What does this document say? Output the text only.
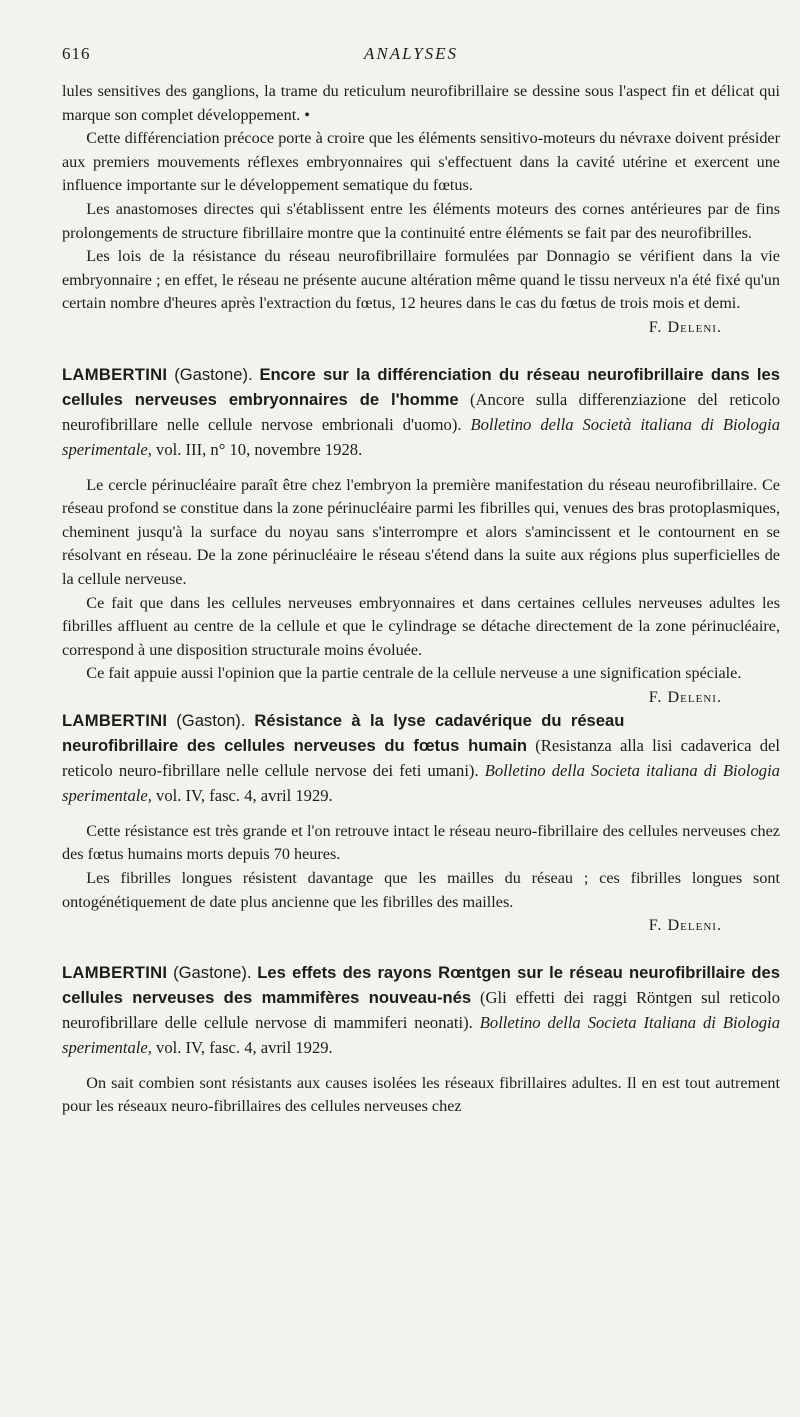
616	ANALYSES

lules sensitives des ganglions, la trame du reticulum neurofibrillaire se dessine sous l'aspect fin et délicat qui marque son complet développement. •

Cette différenciation précoce porte à croire que les éléments sensitivo-moteurs du névraxe doivent présider aux premiers mouvements réflexes embryonnaires qui s'effectuent dans la cavité utérine et exercent une influence importante sur le développement sematique du fœtus.

Les anastomoses directes qui s'établissent entre les éléments moteurs des cornes antérieures par de fins prolongements de structure fibrillaire montre que la continuité entre éléments se fait par des neurofibrilles.

Les lois de la résistance du réseau neurofibrillaire formulées par Donnagio se vérifient dans la vie embryonnaire ; en effet, le réseau ne présente aucune altération même quand le tissu nerveux n'a été fixé qu'un certain nombre d'heures après l'extraction du fœtus, 12 heures dans le cas du fœtus de trois mois et demi.

F. Deleni.

LAMBERTINI (Gastone). Encore sur la différenciation du réseau neurofibrillaire dans les cellules nerveuses embryonnaires de l'homme (Ancore sulla differenziazione del reticolo neurofibrillare nelle cellule nervose embrionali d'uomo). Bolletino della Società italiana di Biologia sperimentale, vol. III, n° 10, novembre 1928.

Le cercle périnucléaire paraît être chez l'embryon la première manifestation du réseau neurofibrillaire. Ce réseau profond se constitue dans la zone périnucléaire parmi les fibrilles qui, venues des bras protoplasmiques, cheminent jusqu'à la surface du noyau sans s'interrompre et alors s'amincissent et le contournent en se résolvant en réseau. De la zone périnucléaire le réseau s'étend dans la suite aux régions plus superficielles de la cellule nerveuse.

Ce fait que dans les cellules nerveuses embryonnaires et dans certaines cellules nerveuses adultes les fibrilles affluent au centre de la cellule et que le cylindrage se détache directement de la zone périnucléaire, correspond à une disposition structurale moins évoluée.

Ce fait appuie aussi l'opinion que la partie centrale de la cellule nerveuse a une signification spéciale.
F. Deleni.

LAMBERTINI (Gaston). Résistance à la lyse cadavérique du réseau neurofibrillaire des cellules nerveuses du fœtus humain (Resistanza alla lisi cadaverica del reticolo neuro-fibrillare nelle cellule nervose dei feti umani). Bolletino della Societa italiana di Biologia sperimentale, vol. IV, fasc. 4, avril 1929.

Cette résistance est très grande et l'on retrouve intact le réseau neuro-fibrillaire des cellules nerveuses chez des fœtus humains morts depuis 70 heures.

Les fibrilles longues résistent davantage que les mailles du réseau ; ces fibrilles longues sont ontogénétiquement de date plus ancienne que les fibrilles des mailles.

F. Deleni.

LAMBERTINI (Gastone). Les effets des rayons Rœntgen sur le réseau neurofibrillaire des cellules nerveuses des mammifères nouveau-nés (Gli effetti dei raggi Röntgen sul reticolo neurofibrillare delle cellule nervose di mammiferi neonati). Bolletino della Societa Italiana di Biologia sperimentale, vol. IV, fasc. 4, avril 1929.

On sait combien sont résistants aux causes isolées les réseaux fibrillaires adultes. Il en est tout autrement pour les réseaux neuro-fibrillaires des cellules nerveuses chez
